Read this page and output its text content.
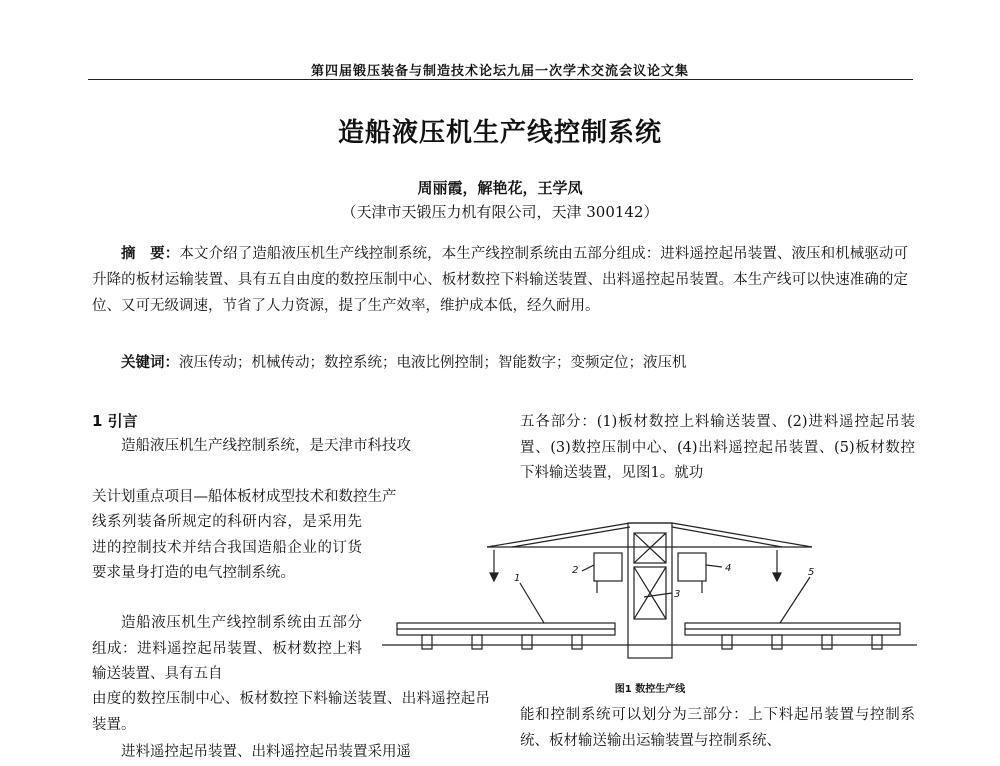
第四届锻压装备与制造技术论坛九届一次学术交流会议论文集
造船液压机生产线控制系统
周丽霞，解艳花，王学凤
（天津市天锻压力机有限公司，天津 300142）
摘　要：本文介绍了造船液压机生产线控制系统，本生产线控制系统由五部分组成：进料遥控起吊装置、液压和机械驱动可升降的板材运输装置、具有五自由度的数控压制中心、板材数控下料输送装置、出料遥控起吊装置。本生产线可以快速准确的定位、又可无级调速，节省了人力资源，提了生产效率，维护成本低，经久耐用。
关键词：液压传动；机械传动；数控系统；电液比例控制；智能数字；变频定位；液压机
1 引言
造船液压机生产线控制系统，是天津市科技攻
关计划重点项目—船体板材成型技术和数控生产
线系列装备所规定的科研内容，是采用先进的控制技术并结合我国造船企业的订货要求量身打造的电气控制系统。
造船液压机生产线控制系统由五部分组成：进料遥控起吊装置、板材数控上料输送装置、具有五自
由度的数控压制中心、板材数控下料输送装置、出料遥控起吊装置。
进料遥控起吊装置、出料遥控起吊装置采用遥
五各部分：(1)板材数控上料输送装置、(2)进料遥控起吊装置、(3)数控压制中心、(4)出料遥控起吊装置、(5)板材数控下料输送装置，见图1。就功
1
2
3
4	5
图1 数控生产线
能和控制系统可以划分为三部分：上下料起吊装置与控制系统、板材输送输出运输装置与控制系统、
